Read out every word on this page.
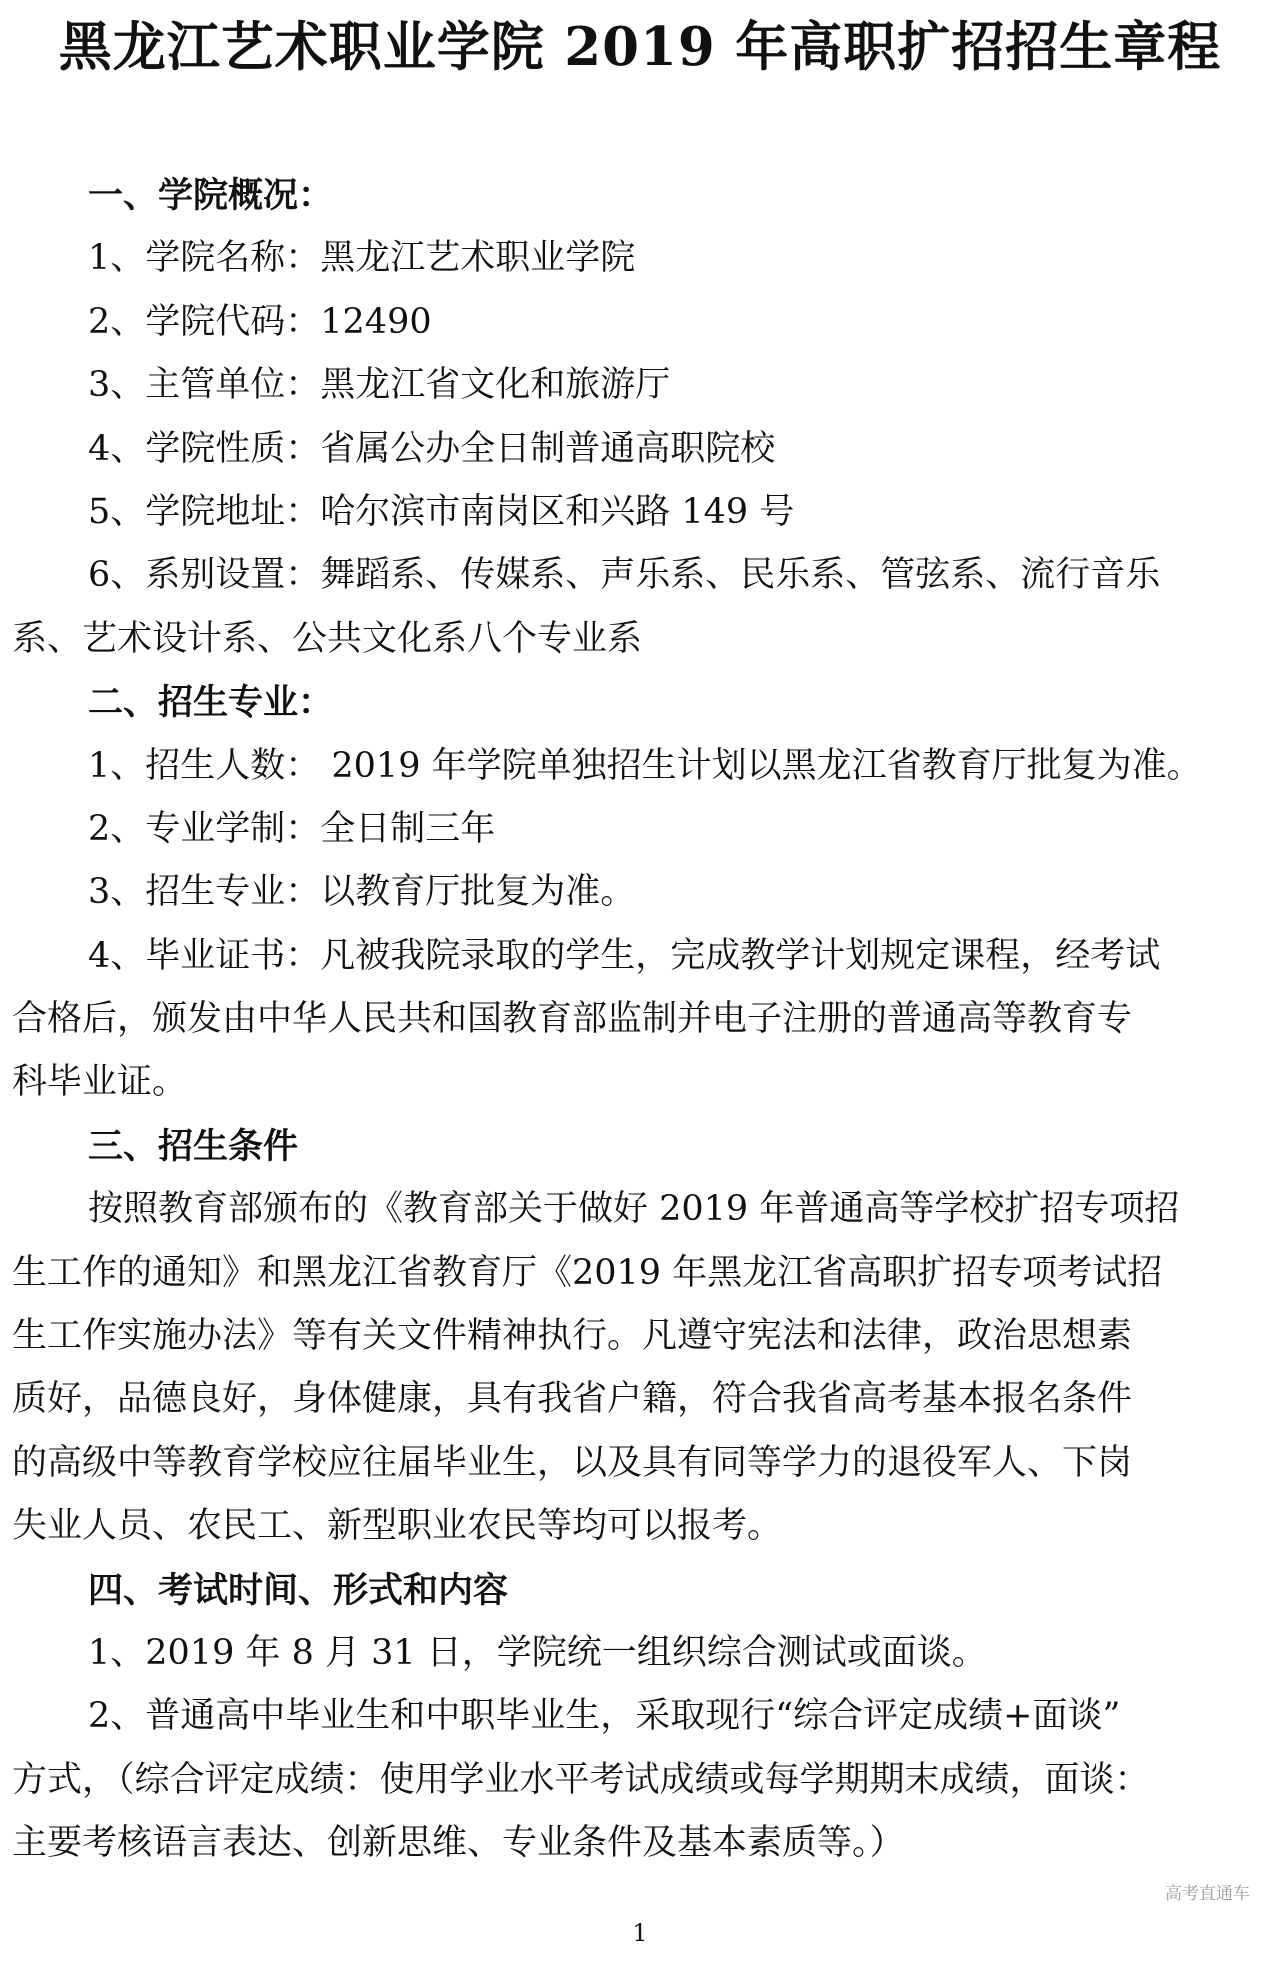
黑龙江艺术职业学院 2019 年高职扩招招生章程
一、学院概况：
1、学院名称：黑龙江艺术职业学院
2、学院代码：12490
3、主管单位：黑龙江省文化和旅游厅
4、学院性质：省属公办全日制普通高职院校
5、学院地址：哈尔滨市南岗区和兴路 149 号
6、系别设置：舞蹈系、传媒系、声乐系、民乐系、管弦系、流行音乐
系、艺术设计系、公共文化系八个专业系
二、招生专业：
1、招生人数： 2019 年学院单独招生计划以黑龙江省教育厅批复为准。
2、专业学制：全日制三年
3、招生专业：以教育厅批复为准。
4、毕业证书：凡被我院录取的学生，完成教学计划规定课程，经考试
合格后，颁发由中华人民共和国教育部监制并电子注册的普通高等教育专
科毕业证。
三、招生条件
按照教育部颁布的《教育部关于做好 2019 年普通高等学校扩招专项招
生工作的通知》和黑龙江省教育厅《2019 年黑龙江省高职扩招专项考试招
生工作实施办法》等有关文件精神执行。凡遵守宪法和法律，政治思想素
质好，品德良好，身体健康，具有我省户籍，符合我省高考基本报名条件
的高级中等教育学校应往届毕业生，以及具有同等学力的退役军人、下岗
失业人员、农民工、新型职业农民等均可以报考。
四、考试时间、形式和内容
1、2019 年 8 月 31 日，学院统一组织综合测试或面谈。
2、普通高中毕业生和中职毕业生，采取现行“综合评定成绩+面谈”
方式，（综合评定成绩：使用学业水平考试成绩或每学期期末成绩，面谈：
主要考核语言表达、创新思维、专业条件及基本素质等。）
高考直通车
1
